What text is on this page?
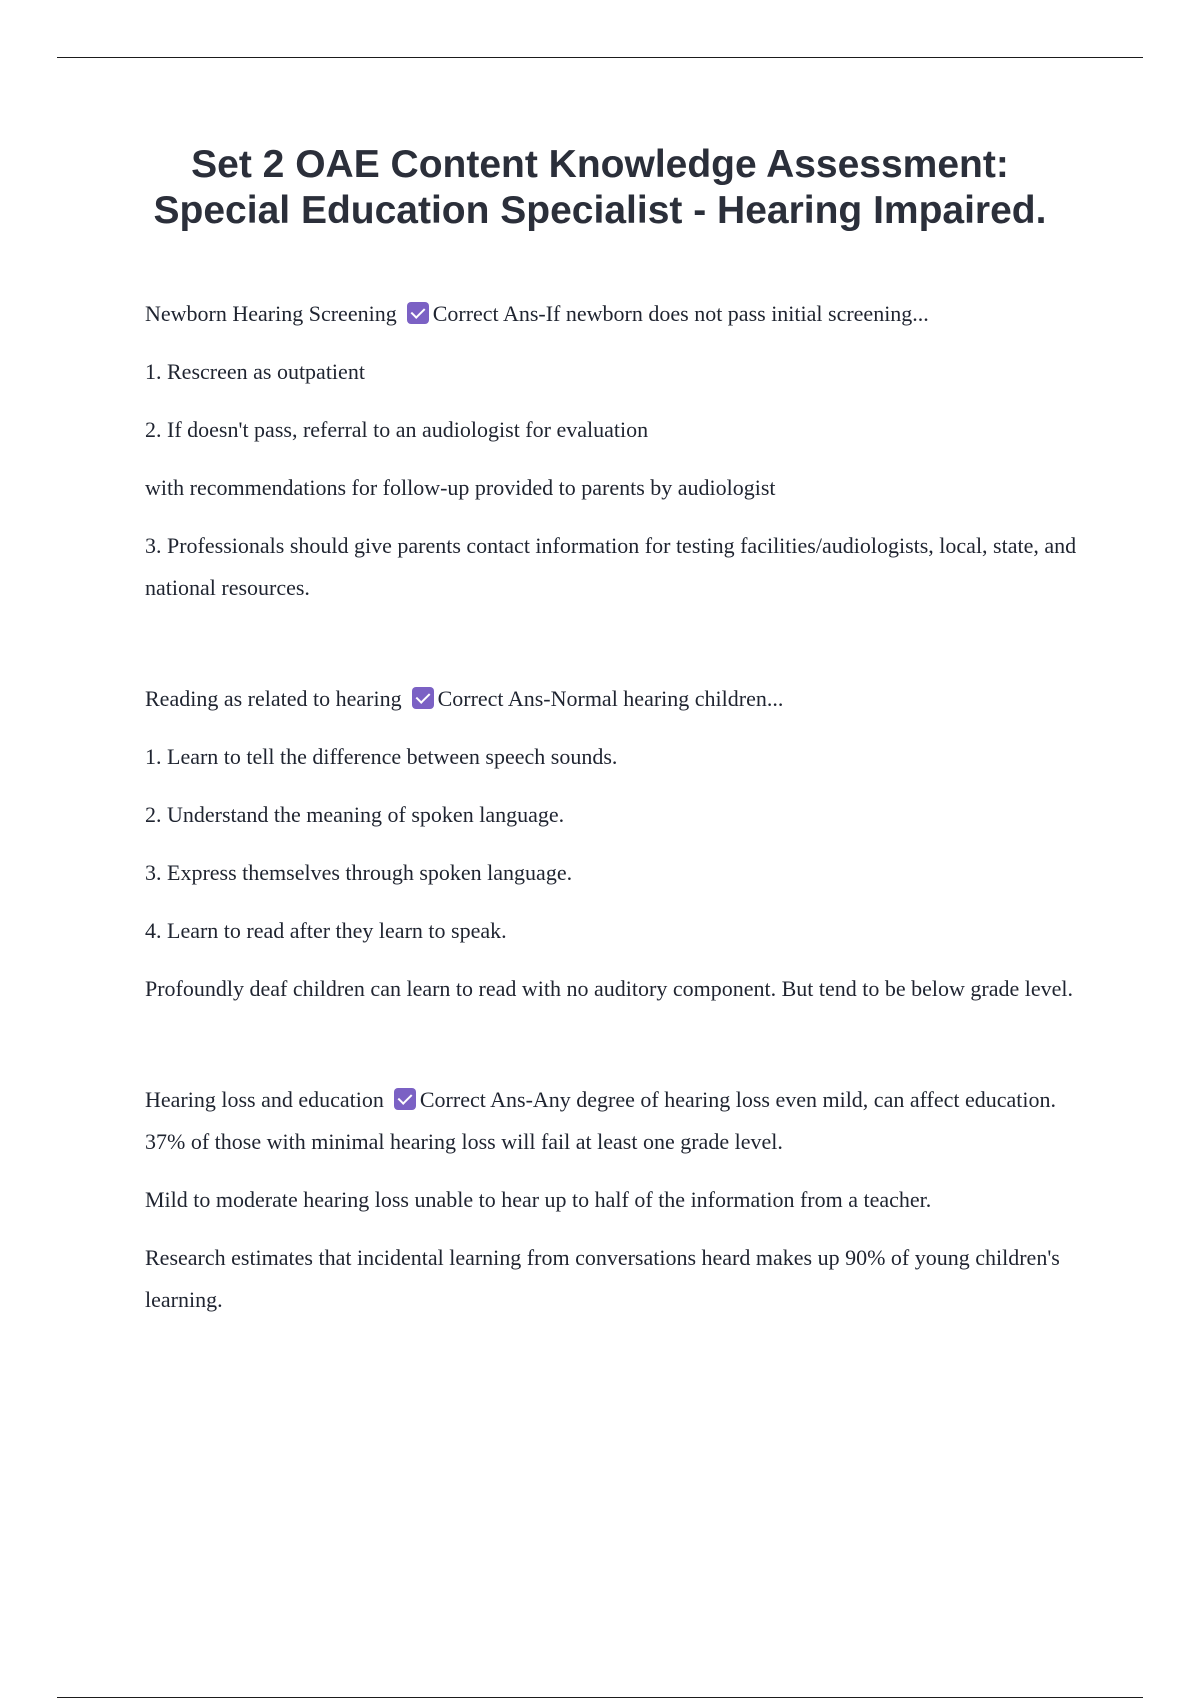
Set 2 OAE Content Knowledge Assessment:
Special Education Specialist - Hearing Impaired.

Newborn Hearing Screening Correct Ans-If newborn does not pass initial screening...

1. Rescreen as outpatient

2. If doesn't pass, referral to an audiologist for evaluation

with recommendations for follow-up provided to parents by audiologist

3. Professionals should give parents contact information for testing facilities/audiologists, local, state, and national resources.

Reading as related to hearing Correct Ans-Normal hearing children...

1. Learn to tell the difference between speech sounds.

2. Understand the meaning of spoken language.

3. Express themselves through spoken language.

4. Learn to read after they learn to speak.

Profoundly deaf children can learn to read with no auditory component. But tend to be below grade level.

Hearing loss and education Correct Ans-Any degree of hearing loss even mild, can affect education. 37% of those with minimal hearing loss will fail at least one grade level.

Mild to moderate hearing loss unable to hear up to half of the information from a teacher.

Research estimates that incidental learning from conversations heard makes up 90% of young children's learning.
